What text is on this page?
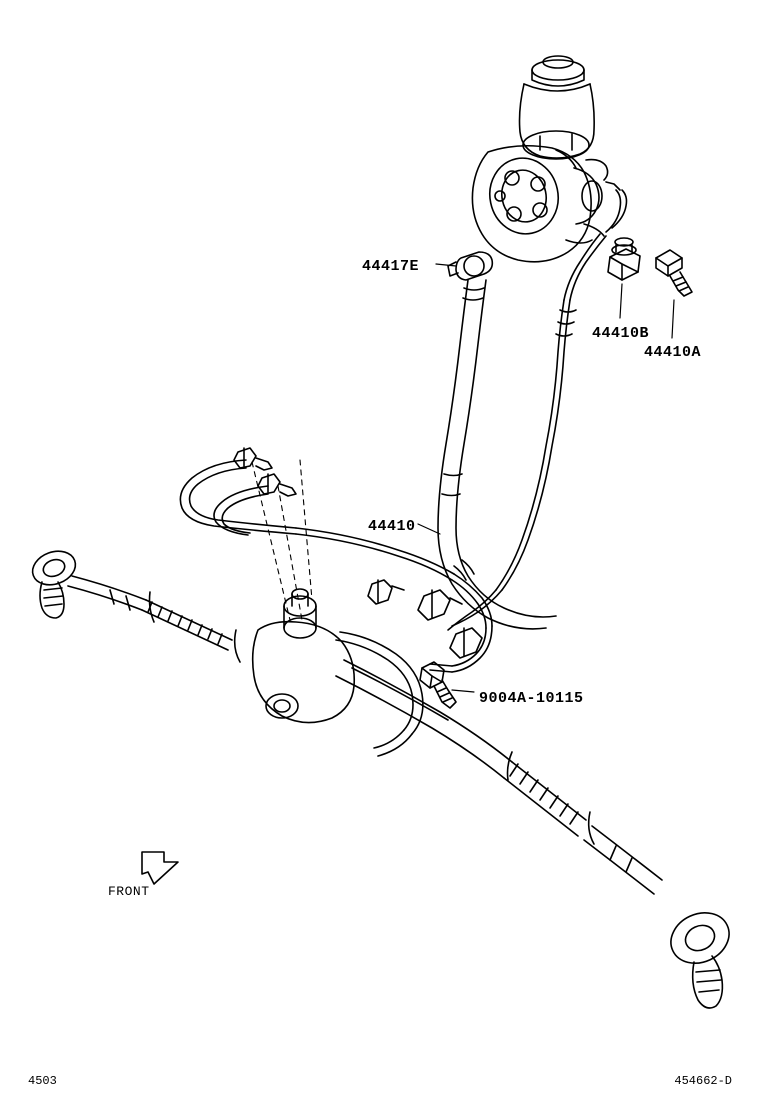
44417E
44410B
44410A
44410
9004A-10115
FRONT
4503	454662-D
